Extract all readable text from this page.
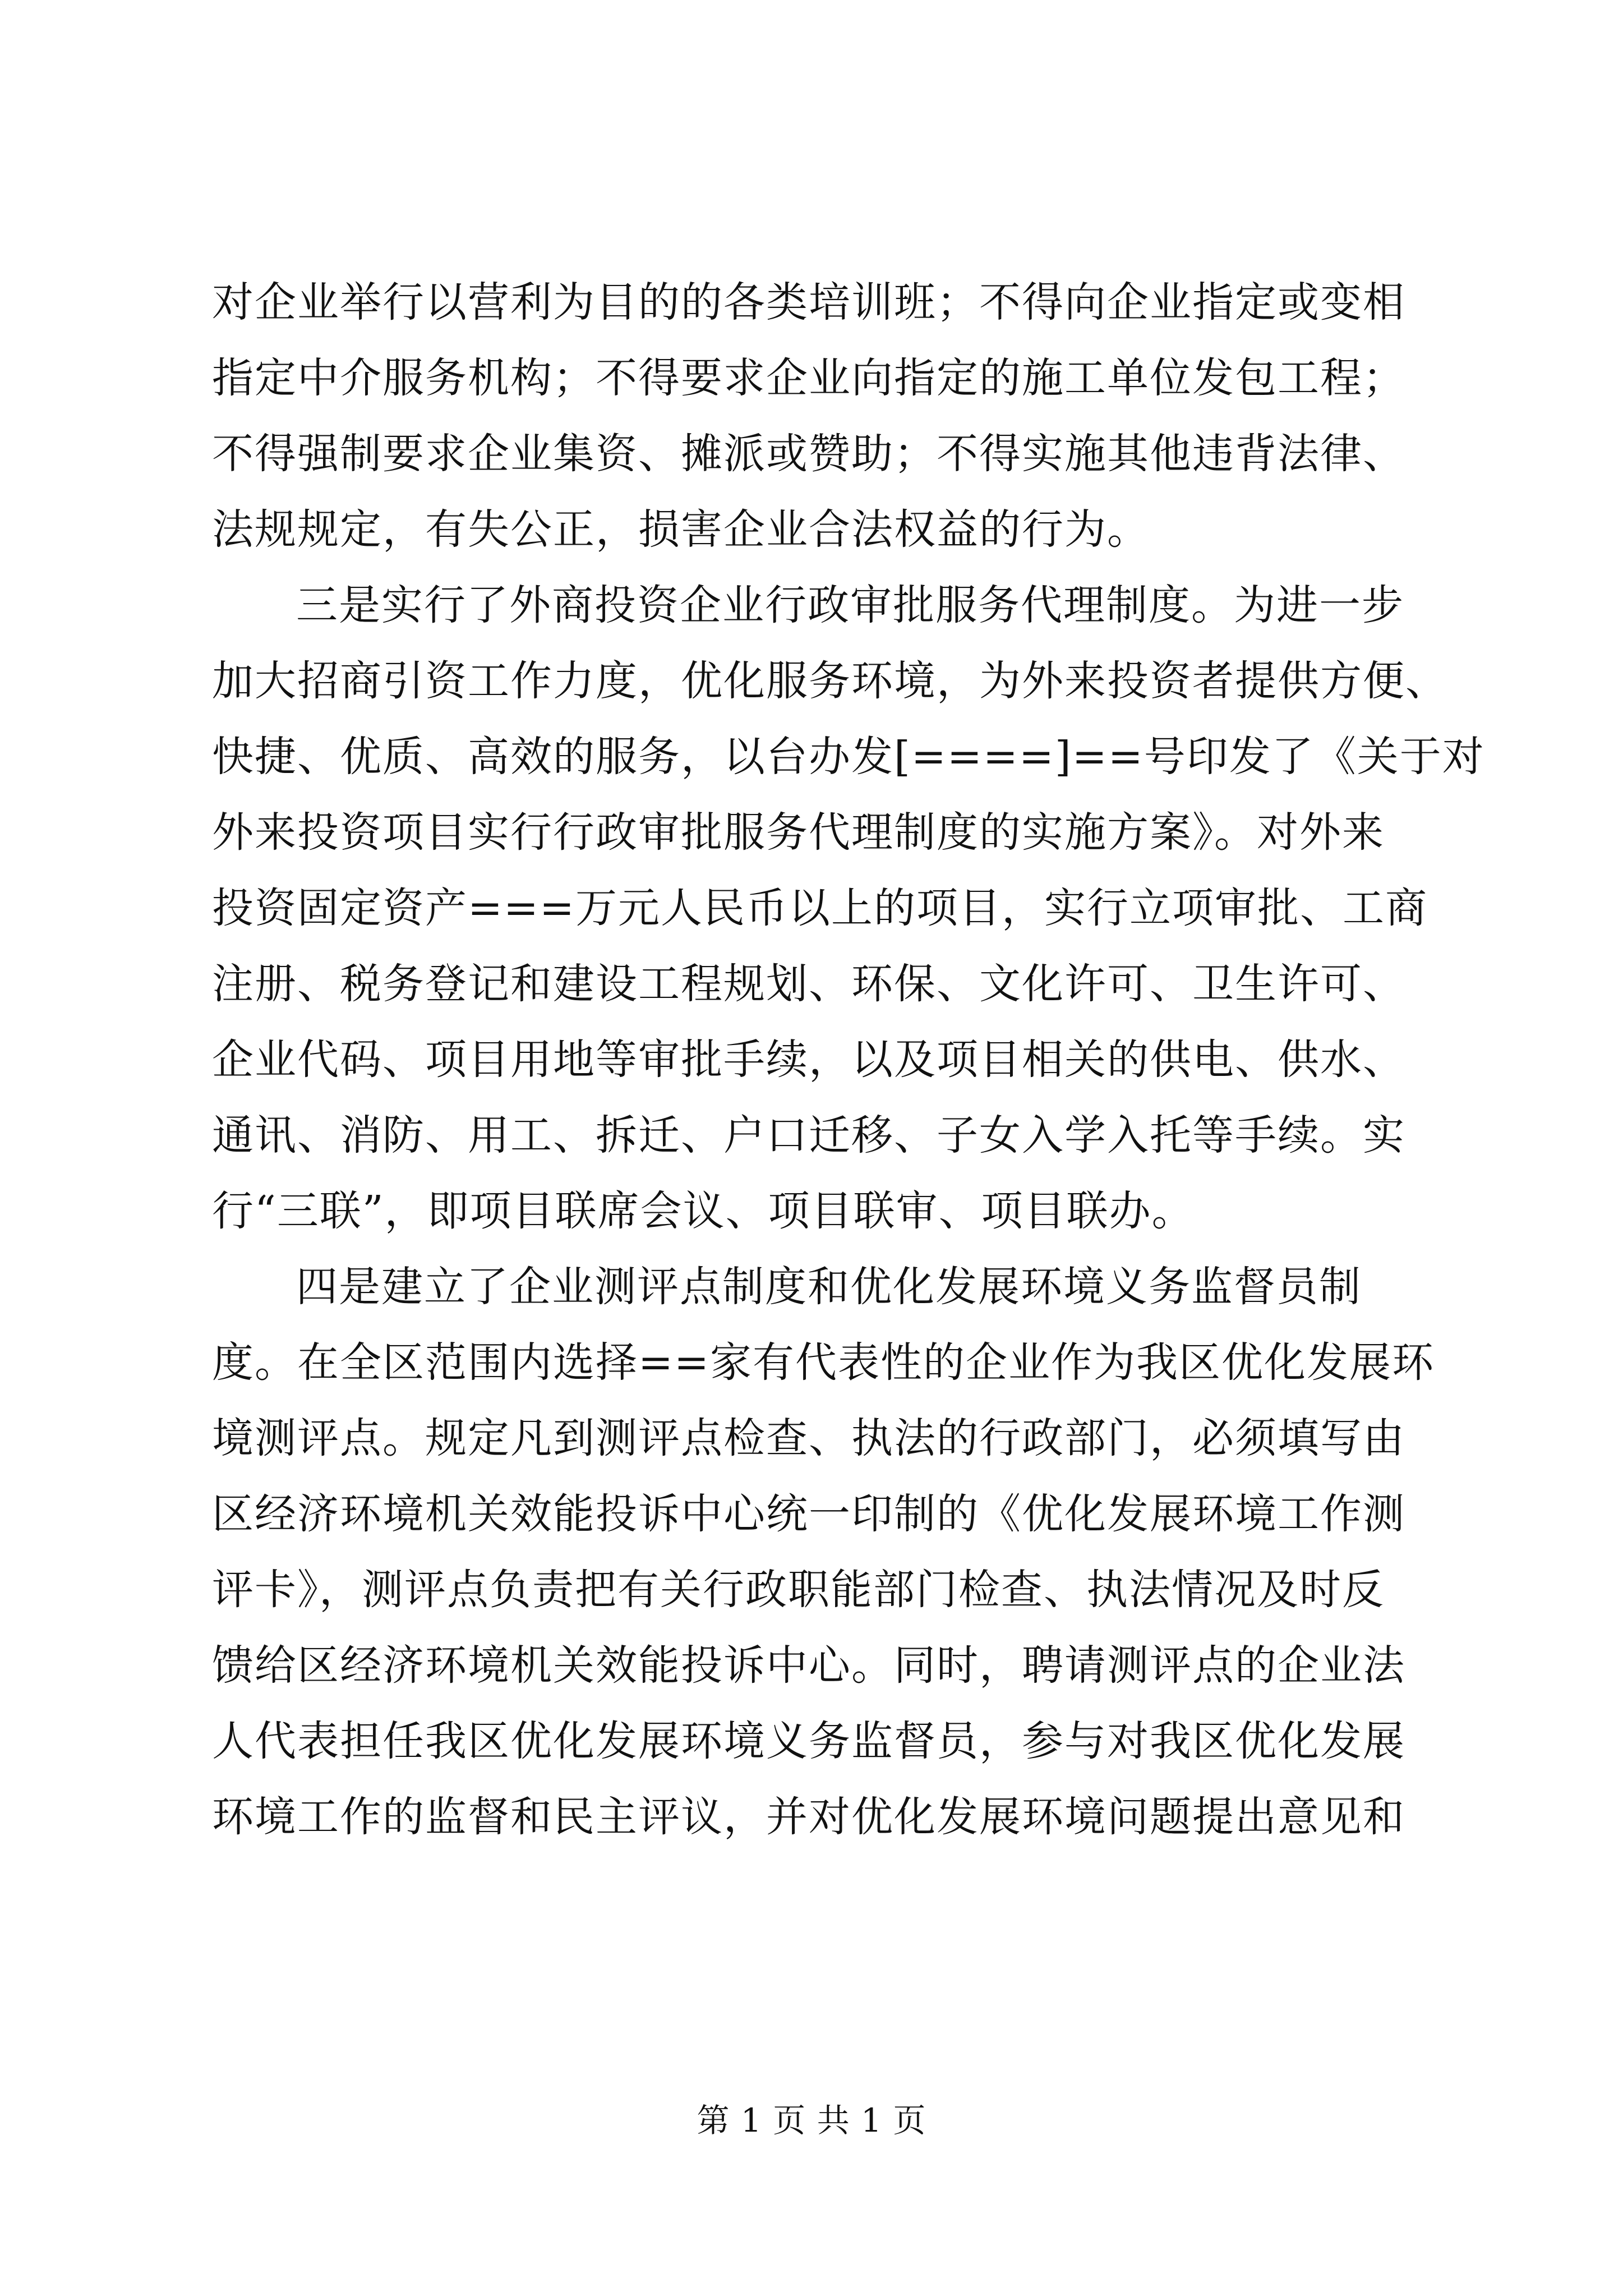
对企业举行以营利为目的的各类培训班；不得向企业指定或变相
指定中介服务机构；不得要求企业向指定的施工单位发包工程；
不得强制要求企业集资、摊派或赞助；不得实施其他违背法律、
法规规定，有失公正，损害企业合法权益的行为。
三是实行了外商投资企业行政审批服务代理制度。为进一步
加大招商引资工作力度，优化服务环境，为外来投资者提供方便、
快捷、优质、高效的服务，以台办发[====]==号印发了《关于对
外来投资项目实行行政审批服务代理制度的实施方案》。对外来
投资固定资产===万元人民币以上的项目，实行立项审批、工商
注册、税务登记和建设工程规划、环保、文化许可、卫生许可、
企业代码、项目用地等审批手续，以及项目相关的供电、供水、
通讯、消防、用工、拆迁、户口迁移、子女入学入托等手续。实
行“三联”，即项目联席会议、项目联审、项目联办。
四是建立了企业测评点制度和优化发展环境义务监督员制
度。在全区范围内选择==家有代表性的企业作为我区优化发展环
境测评点。规定凡到测评点检查、执法的行政部门，必须填写由
区经济环境机关效能投诉中心统一印制的《优化发展环境工作测
评卡》，测评点负责把有关行政职能部门检查、执法情况及时反
馈给区经济环境机关效能投诉中心。同时，聘请测评点的企业法
人代表担任我区优化发展环境义务监督员，参与对我区优化发展
环境工作的监督和民主评议，并对优化发展环境问题提出意见和
第 1 页 共 1 页
